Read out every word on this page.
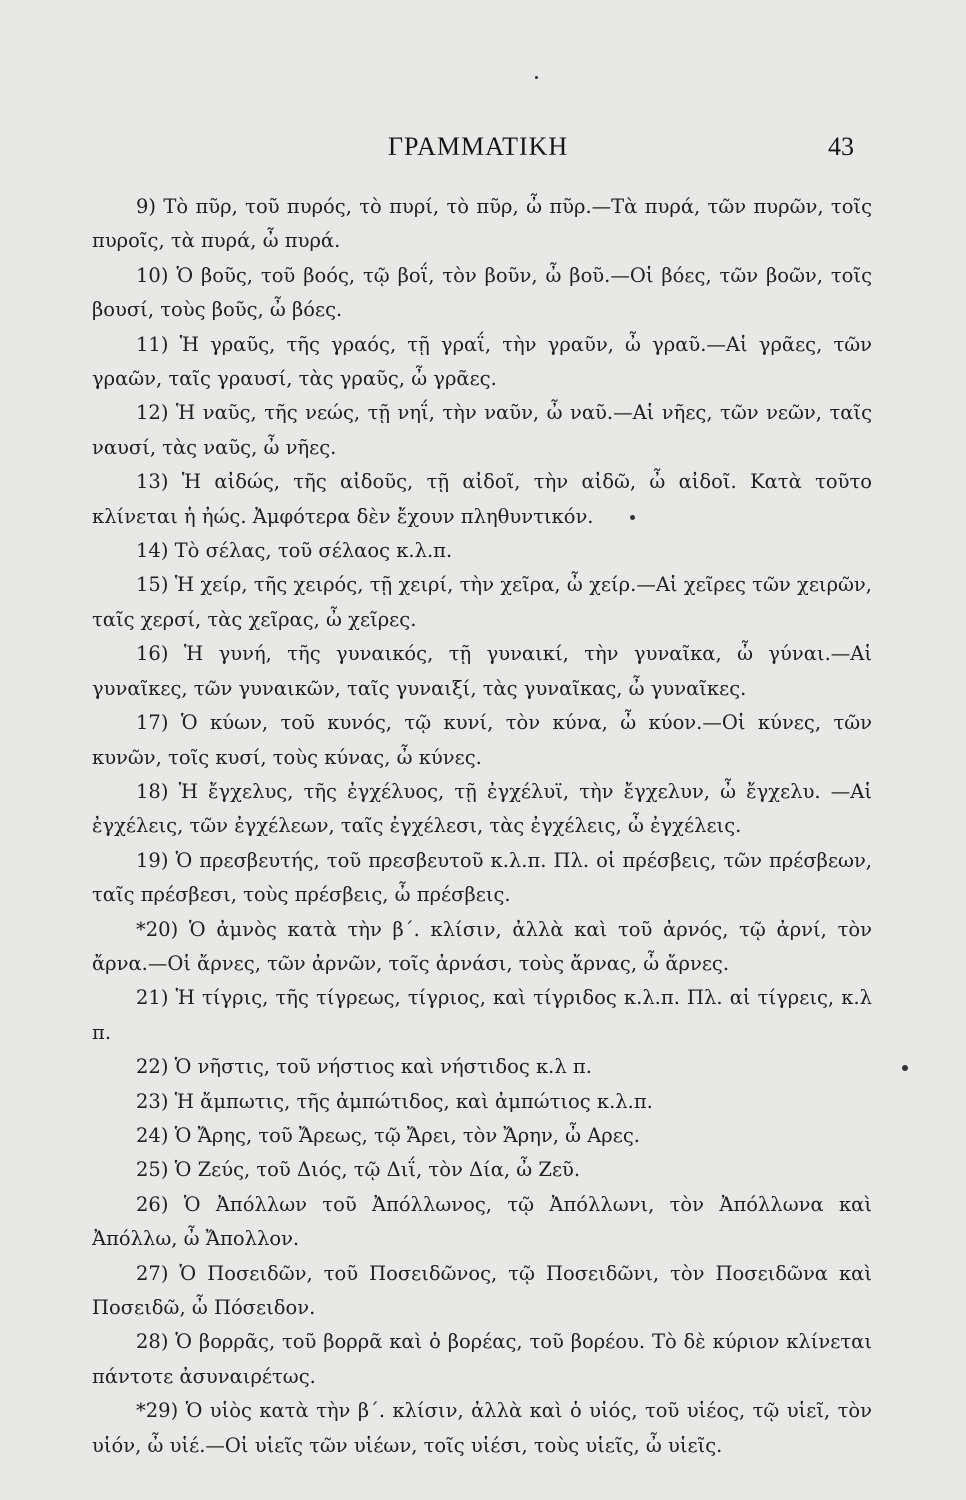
ΓΡΑΜΜΑΤΙΚΗ	43

9) Τὸ πῦρ, τοῦ πυρός, τὸ πυρί, τὸ πῦρ, ὦ πῦρ.—Τὰ πυρά, τῶν πυρῶν, τοῖς πυροῖς, τὰ πυρά, ὦ πυρά.

10) Ὁ βοῦς, τοῦ βοός, τῷ βοΐ, τὸν βοῦν, ὦ βοῦ.—Οἱ βόες, τῶν βοῶν, τοῖς βουσί, τοὺς βοῦς, ὦ βόες.

11) Ἡ γραῦς, τῆς γραός, τῇ γραΐ, τὴν γραῦν, ὦ γραῦ.—Αἱ γρᾶες, τῶν γραῶν, ταῖς γραυσί, τὰς γραῦς, ὦ γρᾶες.

12) Ἡ ναῦς, τῆς νεώς, τῇ νηΐ, τὴν ναῦν, ὦ ναῦ.—Αἱ νῆες, τῶν νεῶν, ταῖς ναυσί, τὰς ναῦς, ὦ νῆες.

13) Ἡ αἰδώς, τῆς αἰδοῦς, τῇ αἰδοῖ, τὴν αἰδῶ, ὦ αἰδοῖ. Κατὰ τοῦτο κλίνεται ἡ ἠώς. Ἀμφότερα δὲν ἔχουν πληθυντικόν.

14) Τὸ σέλας, τοῦ σέλαος κ.λ.π.

15) Ἡ χείρ, τῆς χειρός, τῇ χειρί, τὴν χεῖρα, ὦ χείρ.—Αἱ χεῖρες τῶν χειρῶν, ταῖς χερσί, τὰς χεῖρας, ὦ χεῖρες.

16) Ἡ γυνή, τῆς γυναικός, τῇ γυναικί, τὴν γυναῖκα, ὦ γύναι.—Αἱ γυναῖκες, τῶν γυναικῶν, ταῖς γυναιξί, τὰς γυναῖκας, ὦ γυναῖκες.

17) Ὁ κύων, τοῦ κυνός, τῷ κυνί, τὸν κύνα, ὦ κύον.—Οἱ κύνες, τῶν κυνῶν, τοῖς κυσί, τοὺς κύνας, ὦ κύνες.

18) Ἡ ἔγχελυς, τῆς ἐγχέλυος, τῇ ἐγχέλυϊ, τὴν ἔγχελυν, ὦ ἔγχελυ. —Αἱ ἐγχέλεις, τῶν ἐγχέλεων, ταῖς ἐγχέλεσι, τὰς ἐγχέλεις, ὦ ἐγχέλεις.

19) Ὁ πρεσβευτής, τοῦ πρεσβευτοῦ κ.λ.π. Πλ. οἱ πρέσβεις, τῶν πρέσβεων, ταῖς πρέσβεσι, τοὺς πρέσβεις, ὦ πρέσβεις.

*20) Ὁ ἀμνὸς κατὰ τὴν β΄. κλίσιν, ἀλλὰ καὶ τοῦ ἀρνός, τῷ ἀρνί, τὸν ἄρνα.—Οἱ ἄρνες, τῶν ἀρνῶν, τοῖς ἀρνάσι, τοὺς ἄρνας, ὦ ἄρνες.

21) Ἡ τίγρις, τῆς τίγρεως, τίγριος, καὶ τίγριδος κ.λ.π. Πλ. αἱ τίγρεις, κ.λ π.

22) Ὁ νῆστις, τοῦ νήστιος καὶ νήστιδος κ.λ π.

23) Ἡ ἄμπωτις, τῆς ἀμπώτιδος, καὶ ἀμπώτιος κ.λ.π.

24) Ὁ Ἄρης, τοῦ Ἄρεως, τῷ Ἄρει, τὸν Ἄρην, ὦ Αρες.

25) Ὁ Ζεύς, τοῦ Διός, τῷ Διΐ, τὸν Δία, ὦ Ζεῦ.

26) Ὁ Ἀπόλλων τοῦ Ἀπόλλωνος, τῷ Ἀπόλλωνι, τὸν Ἀπόλλωνα καὶ Ἀπόλλω, ὦ Ἄπολλον.

27) Ὁ Ποσειδῶν, τοῦ Ποσειδῶνος, τῷ Ποσειδῶνι, τὸν Ποσειδῶνα καὶ Ποσειδῶ, ὦ Πόσειδον.

28) Ὁ βορρᾶς, τοῦ βορρᾶ καὶ ὁ βορέας, τοῦ βορέου. Τὸ δὲ κύριον κλίνεται πάντοτε ἀσυναιρέτως.

*29) Ὁ υἱὸς κατὰ τὴν β΄. κλίσιν, ἀλλὰ καὶ ὁ υἱός, τοῦ υἱέος, τῷ υἱεῖ, τὸν υἱόν, ὦ υἱέ.—Οἱ υἱεῖς τῶν υἱέων, τοῖς υἱέσι, τοὺς υἱεῖς, ὦ υἱεῖς.
